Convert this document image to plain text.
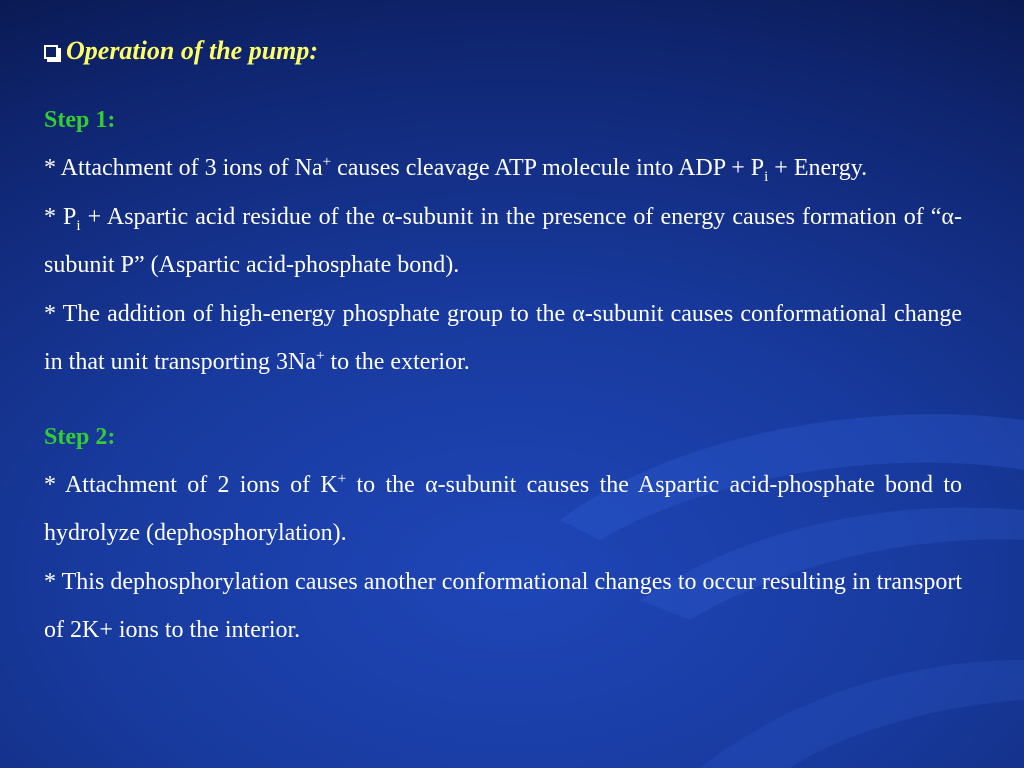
Operation of the pump:

Step 1:

* Attachment of 3 ions of Na+ causes cleavage ATP molecule into ADP + $P_i$ + Energy.

* $P_i$ + Aspartic acid residue of the α-subunit in the presence of energy causes formation of “α-subunit P” (Aspartic acid-phosphate bond).

* The addition of high-energy phosphate group to the α-subunit causes conformational change in that unit transporting 3Na+ to the exterior.

Step 2:

* Attachment of 2 ions of K+ to the α-subunit causes the Aspartic acid-phosphate bond to hydrolyze (dephosphorylation).

* This dephosphorylation causes another conformational changes to occur resulting in transport of 2K+ ions to the interior.
